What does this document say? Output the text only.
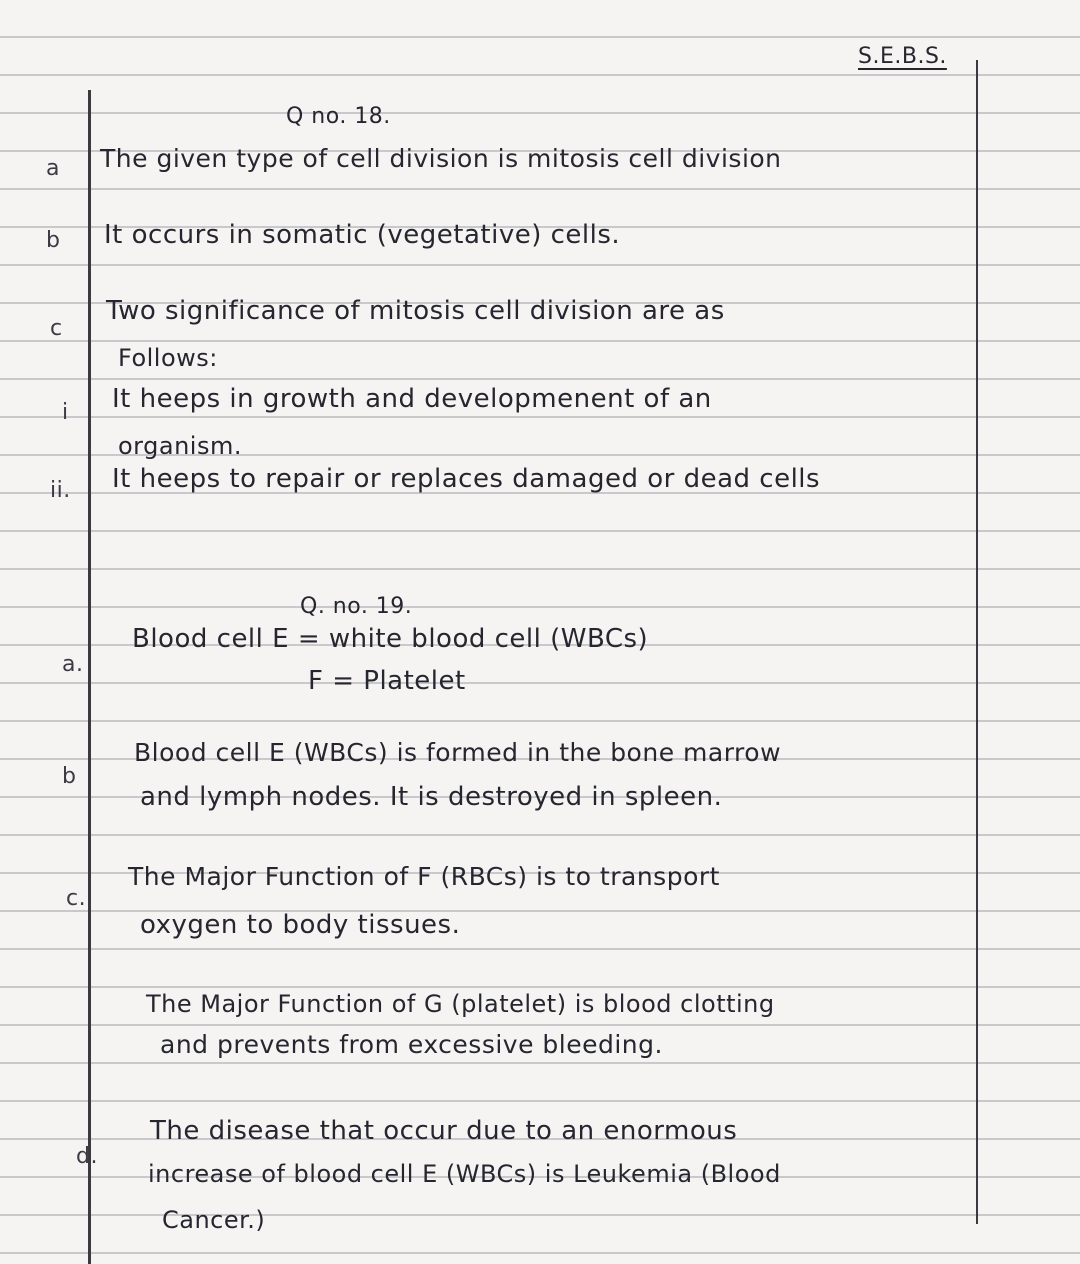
S.E.B.S.
Q no. 18.
a The given type of cell division is mitosis cell division
b It occurs in somatic (vegetative) cells.
c
Two significance of mitosis cell division are as
Follows:
i It heeps in growth and developmenent of an
organism.
ii. It heeps to repair or replaces damaged or dead cells
Q. no. 19.
a.
Blood cell E = white blood cell (WBCs)
F = Platelet
b
Blood cell E (WBCs) is formed in the bone marrow
and lymph nodes. It is destroyed in spleen.
c.
The Major Function of F (RBCs) is to transport
oxygen to body tissues.
The Major Function of G (platelet) is blood clotting
and prevents from excessive bleeding.
d.
The disease that occur due to an enormous
increase of blood cell E (WBCs) is Leukemia (Blood
Cancer.)
